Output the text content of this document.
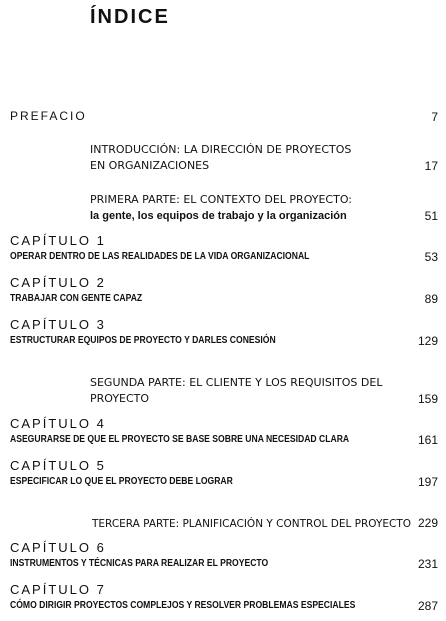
ÍNDICE
PREFACIO	7
INTRODUCCIÓN: LA DIRECCIÓN DE PROYECTOS
EN ORGANIZACIONES	17
PRIMERA PARTE: EL CONTEXTO DEL PROYECTO:
la gente, los equipos de trabajo y la organización	51
CAPÍTULO 1
OPERAR DENTRO DE LAS REALIDADES DE LA VIDA ORGANIZACIONAL	53
CAPÍTULO 2
TRABAJAR CON GENTE CAPAZ	89
CAPÍTULO 3
ESTRUCTURAR EQUIPOS DE PROYECTO Y DARLES CONESIÓN	129
SEGUNDA PARTE: EL CLIENTE Y LOS REQUISITOS DEL
PROYECTO	159
CAPÍTULO 4
ASEGURARSE DE QUE EL PROYECTO SE BASE SOBRE UNA NECESIDAD CLARA	161
CAPÍTULO 5
ESPECIFICAR LO QUE EL PROYECTO DEBE LOGRAR	197
TERCERA PARTE: PLANIFICACIÓN Y CONTROL DEL PROYECTO 229
CAPÍTULO 6
INSTRUMENTOS Y TÉCNICAS PARA REALIZAR EL PROYECTO	231
CAPÍTULO 7
CÓMO DIRIGIR PROYECTOS COMPLEJOS Y RESOLVER PROBLEMAS ESPECIALES	287
